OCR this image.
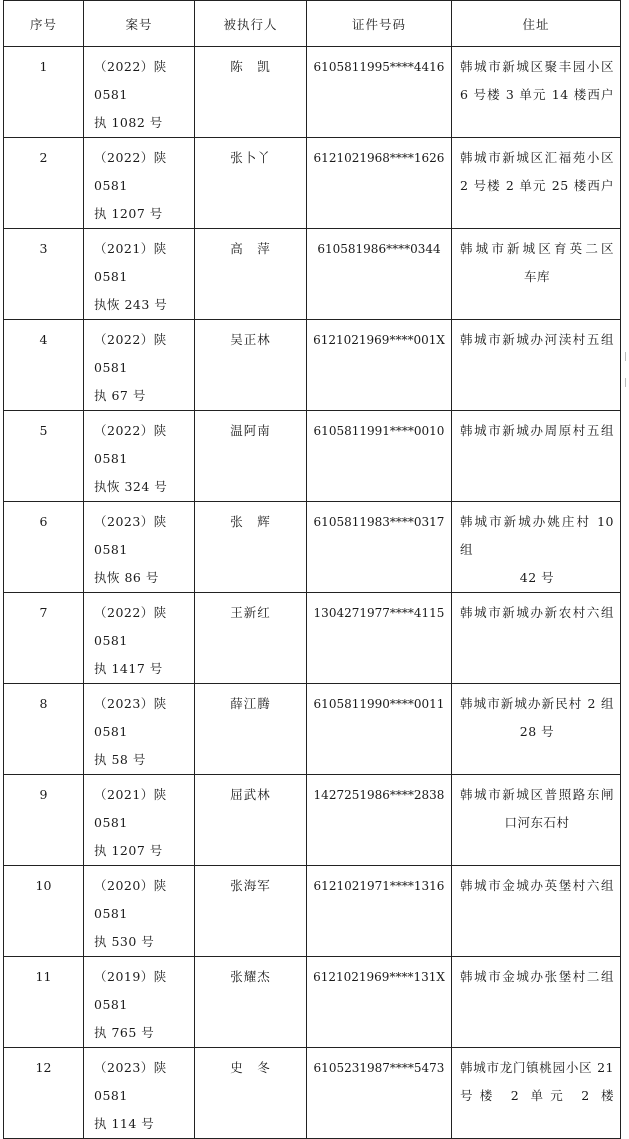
序号	案号	被执行人	证件号码	住址
1	（2022）陕 0581
执 1082 号	陈　凯	6105811995****4416	韩城市新城区聚丰园小区
6 号楼 3 单元 14 楼西户

2	（2022）陕 0581
执 1207 号	张卜丫	6121021968****1626	韩城市新城区汇福苑小区
2 号楼 2 单元 25 楼西户

3	（2021）陕 0581
执恢 243 号	高　萍	610581986****0344	韩城市新城区育英二区
车库

4	（2022）陕 0581
执 67 号	吴正林	6121021969****001X	韩城市新城办河渎村五组

5	（2022）陕 0581
执恢 324 号	温阿南	6105811991****0010	韩城市新城办周原村五组

6	（2023）陕 0581
执恢 86 号	张　辉	6105811983****0317	韩城市新城办姚庄村 10 组
42 号

7	（2022）陕 0581
执 1417 号	王新红	1304271977****4115	韩城市新城办新农村六组

8	（2023）陕 0581
执 58 号	薛江腾	6105811990****0011	韩城市新城办新民村 2 组
28 号

9	（2021）陕 0581
执 1207 号	屈武林	1427251986****2838	韩城市新城区普照路东闸
口河东石村

10	（2020）陕 0581
执 530 号	张海军	6121021971****1316	韩城市金城办英堡村六组

11	（2019）陕 0581
执 765 号	张耀杰	6121021969****131X	韩城市金城办张堡村二组

12	（2023）陕 0581
执 114 号	史　冬	6105231987****5473	韩城市龙门镇桃园小区 21
号楼 2 单元 2 楼
